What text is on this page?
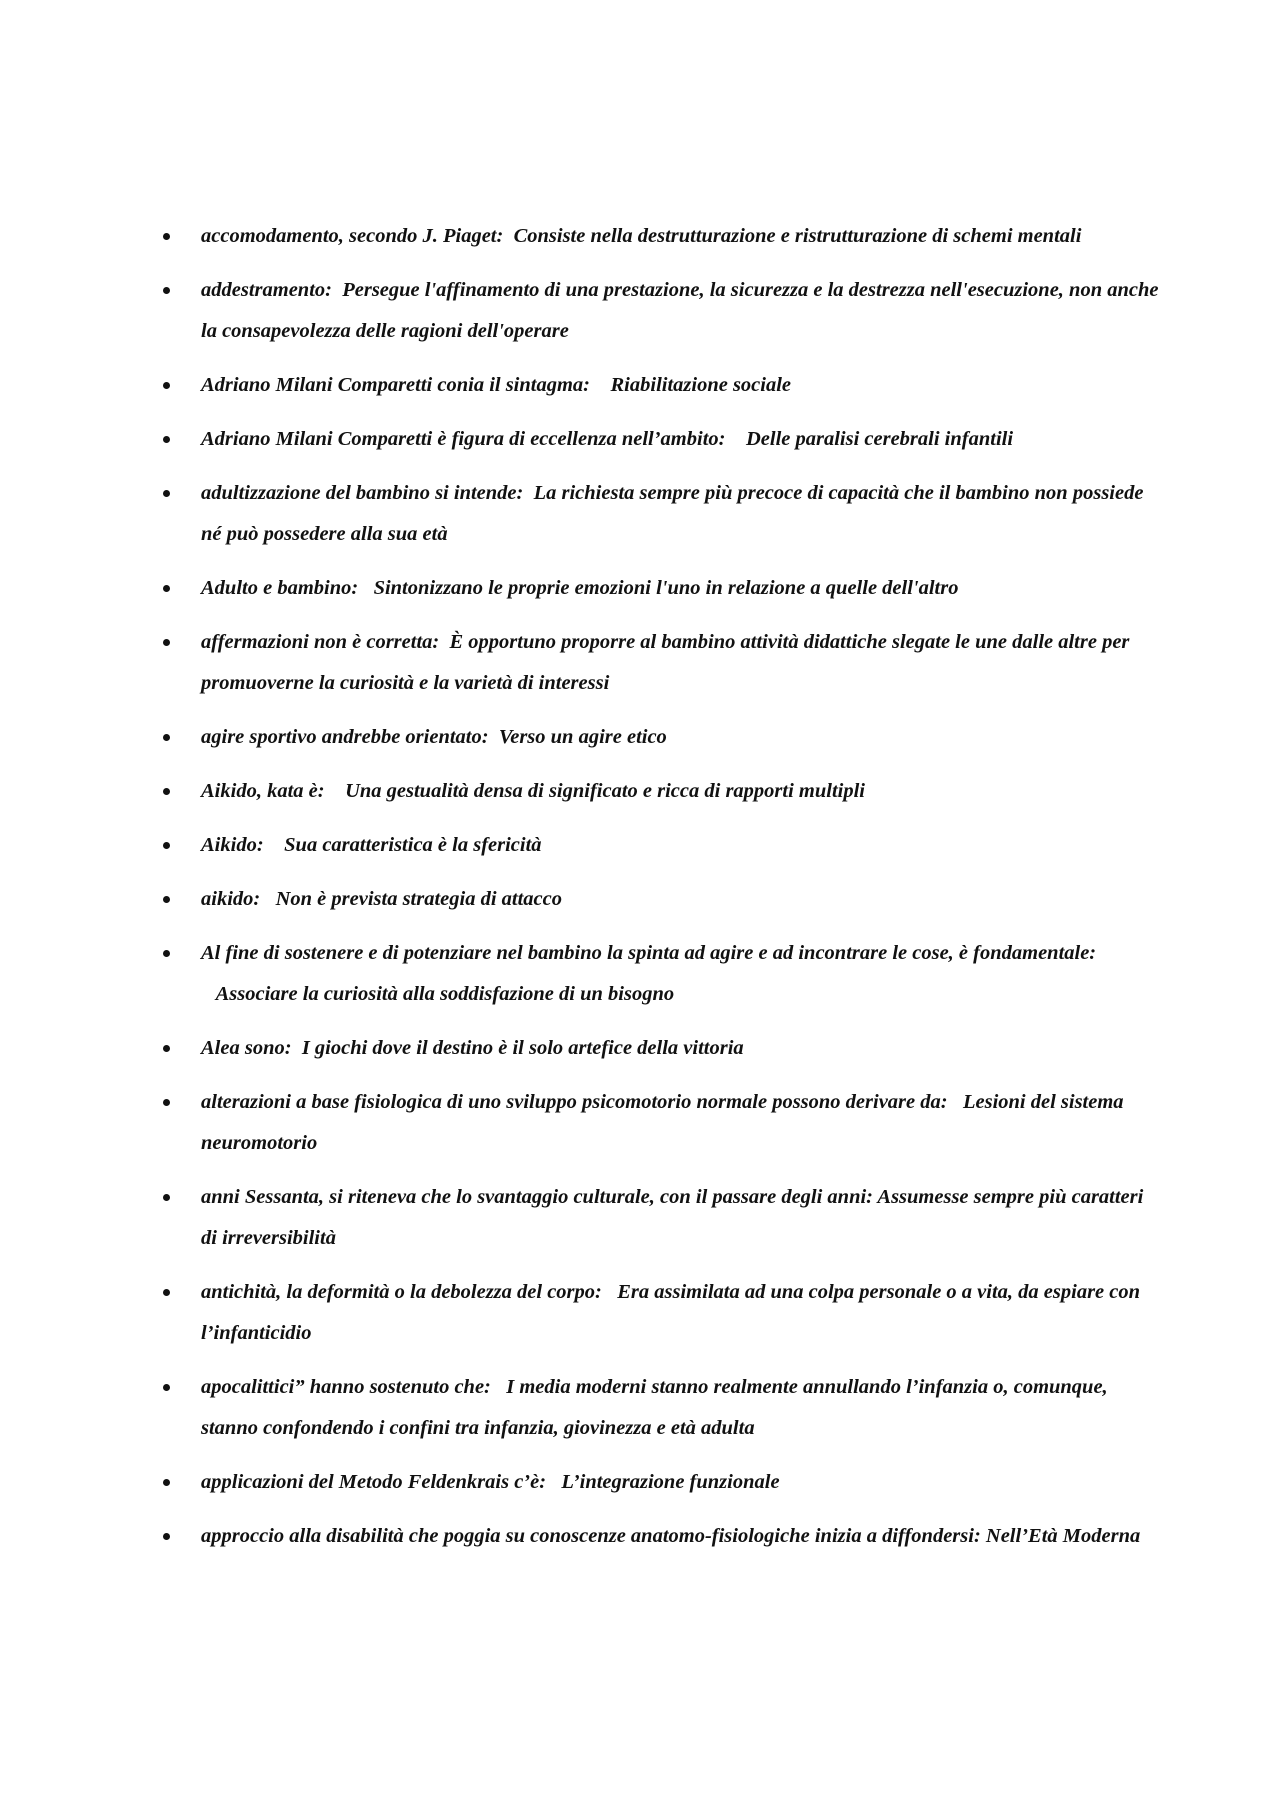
accomodamento, secondo J. Piaget: Consiste nella destrutturazione e ristrutturazione di schemi mentali
addestramento: Persegue l'affinamento di una prestazione, la sicurezza e la destrezza nell'esecuzione, non anche la consapevolezza delle ragioni dell'operare
Adriano Milani Comparetti conia il sintagma: Riabilitazione sociale
Adriano Milani Comparetti è figura di eccellenza nell’ambito: Delle paralisi cerebrali infantili
adultizzazione del bambino si intende: La richiesta sempre più precoce di capacità che il bambino non possiede né può possedere alla sua età
Adulto e bambino: Sintonizzano le proprie emozioni l'uno in relazione a quelle dell'altro
affermazioni non è corretta: È opportuno proporre al bambino attività didattiche slegate le une dalle altre per promuoverne la curiosità e la varietà di interessi
agire sportivo andrebbe orientato: Verso un agire etico
Aikido, kata è: Una gestualità densa di significato e ricca di rapporti multipli
Aikido: Sua caratteristica è la sfericità
aikido: Non è prevista strategia di attacco
Al fine di sostenere e di potenziare nel bambino la spinta ad agire e ad incontrare le cose, è fondamentale:   Associare la curiosità alla soddisfazione di un bisogno
Alea sono: I giochi dove il destino è il solo artefice della vittoria
alterazioni a base fisiologica di uno sviluppo psicomotorio normale possono derivare da: Lesioni del sistema neuromotorio
anni Sessanta, si riteneva che lo svantaggio culturale, con il passare degli anni: Assumesse sempre più caratteri di irreversibilità
antichità, la deformità o la debolezza del corpo: Era assimilata ad una colpa personale o a vita, da espiare con l’infanticidio
apocalittici” hanno sostenuto che: I media moderni stanno realmente annullando l’infanzia o, comunque, stanno confondendo i confini tra infanzia, giovinezza e età adulta
applicazioni del Metodo Feldenkrais c’è: L’integrazione funzionale
approccio alla disabilità che poggia su conoscenze anatomo-fisiologiche inizia a diffondersi: Nell’Età Moderna
